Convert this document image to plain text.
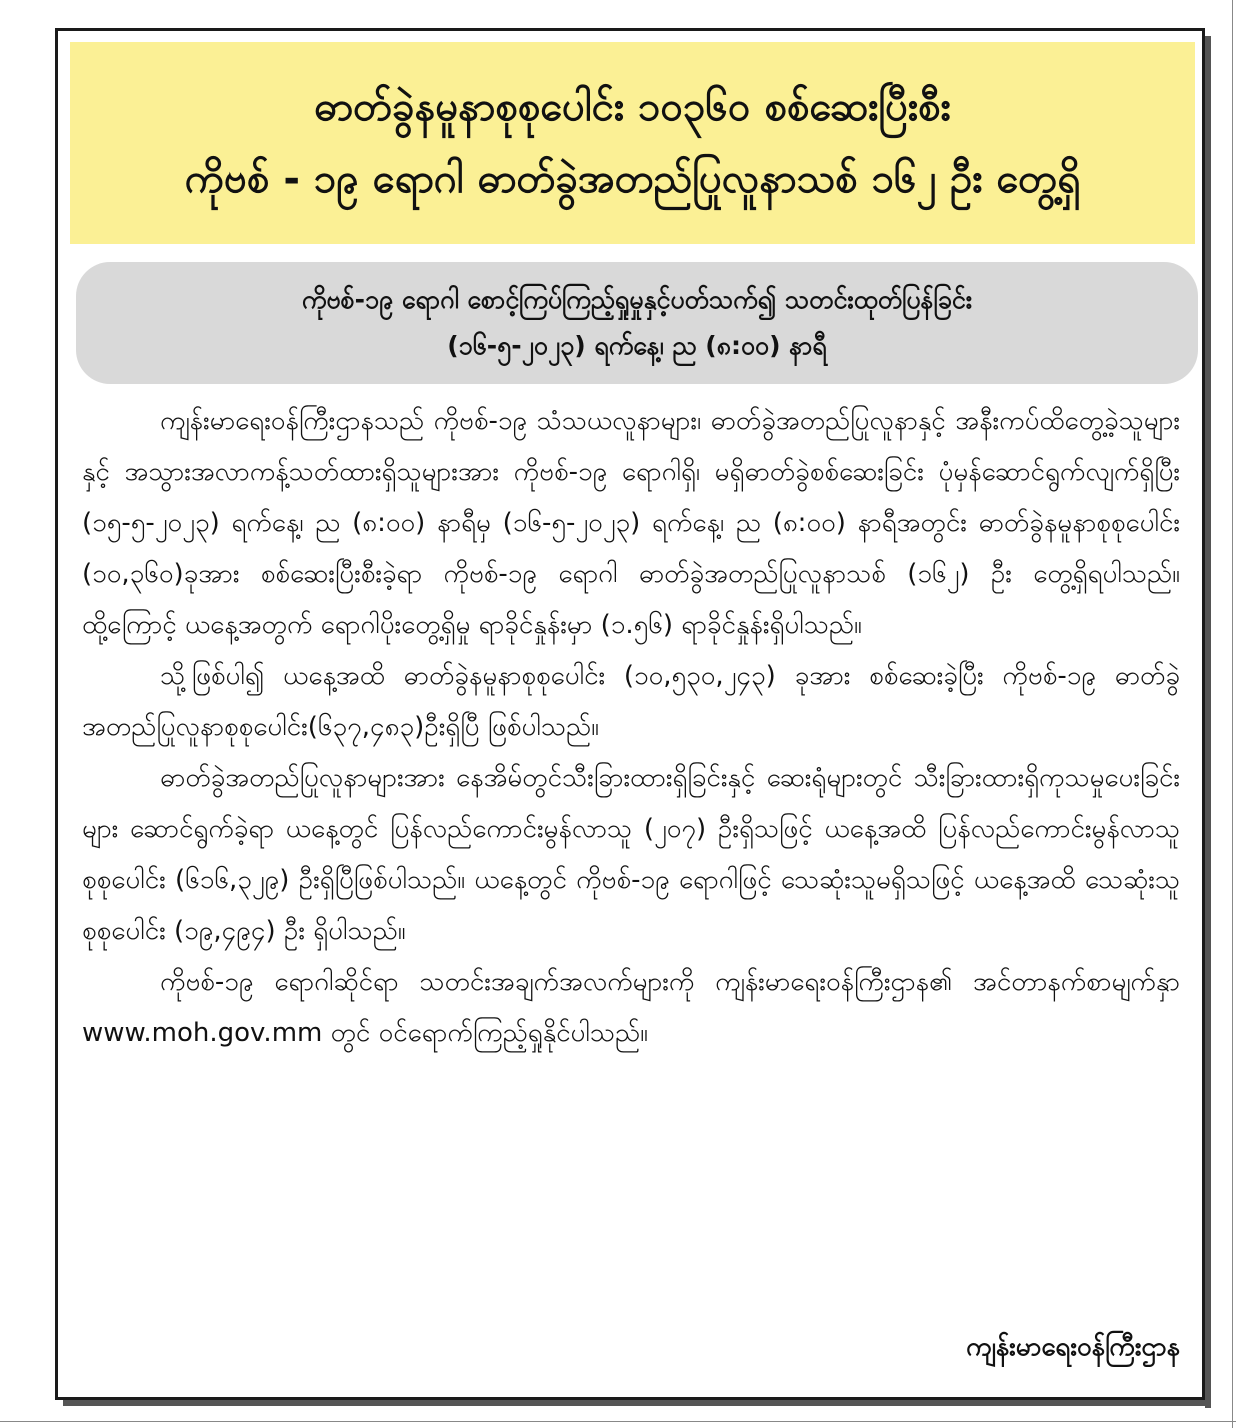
ဓာတ်ခွဲနမူနာစုစုပေါင်း ၁၀၃၆၀ စစ်ဆေးပြီးစီး
ကိုဗစ် - ၁၉ ရောဂါ ဓာတ်ခွဲအတည်ပြုလူနာသစ် ၁၆၂ ဦး တွေ့ရှိ
ကိုဗစ်-၁၉ ရောဂါ စောင့်ကြပ်ကြည့်ရှုမှုနှင့်ပတ်သက်၍ သတင်းထုတ်ပြန်ခြင်း
(၁၆-၅-၂၀၂၃) ရက်နေ့၊ ည (၈:၀၀) နာရီ

ကျန်းမာရေးဝန်ကြီးဌာနသည် ကိုဗစ်-၁၉ သံသယလူနာများ၊ ဓာတ်ခွဲအတည်ပြုလူနာနှင့် အနီးကပ်ထိတွေ့ခဲ့သူများနှင့် အသွားအလာကန့်သတ်ထားရှိသူများအား ကိုဗစ်-၁၉ ရောဂါရှိ၊ မရှိဓာတ်ခွဲစစ်ဆေးခြင်း ပုံမှန်ဆောင်ရွက်လျက်ရှိပြီး (၁၅-၅-၂၀၂၃) ရက်နေ့၊ ည (၈:၀၀) နာရီမှ (၁၆-၅-၂၀၂၃) ရက်နေ့၊ ည (၈:၀၀) နာရီအတွင်း ဓာတ်ခွဲနမူနာစုစုပေါင်း (၁၀,၃၆၀)ခုအား စစ်ဆေးပြီးစီးခဲ့ရာ ကိုဗစ်-၁၉ ရောဂါ ဓာတ်ခွဲအတည်ပြုလူနာသစ် (၁၆၂) ဦး တွေ့ရှိရပါသည်။ ထို့ကြောင့် ယနေ့အတွက် ရောဂါပိုးတွေ့ရှိမှု ရာခိုင်နှုန်းမှာ (၁.၅၆) ရာခိုင်နှုန်းရှိပါသည်။

သို့ဖြစ်ပါ၍ ယနေ့အထိ ဓာတ်ခွဲနမူနာစုစုပေါင်း (၁၀,၅၃၀,၂၄၃) ခုအား စစ်ဆေးခဲ့ပြီး ကိုဗစ်-၁၉ ဓာတ်ခွဲအတည်ပြုလူနာစုစုပေါင်း(၆၃၇,၄၈၃)ဦးရှိပြီ ဖြစ်ပါသည်။

ဓာတ်ခွဲအတည်ပြုလူနာများအား နေအိမ်တွင်သီးခြားထားရှိခြင်းနှင့် ဆေးရုံများတွင် သီးခြားထားရှိကုသမှုပေးခြင်းများ ဆောင်ရွက်ခဲ့ရာ ယနေ့တွင် ပြန်လည်ကောင်းမွန်လာသူ (၂၀၇) ဦးရှိသဖြင့် ယနေ့အထိ ပြန်လည်ကောင်းမွန်လာသူ စုစုပေါင်း (၆၁၆,၃၂၉) ဦးရှိပြီဖြစ်ပါသည်။ ယနေ့တွင် ကိုဗစ်-၁၉ ရောဂါဖြင့် သေဆုံးသူမရှိသဖြင့် ယနေ့အထိ သေဆုံးသူစုစုပေါင်း (၁၉,၄၉၄) ဦး ရှိပါသည်။

ကိုဗစ်-၁၉ ရောဂါဆိုင်ရာ သတင်းအချက်အလက်များကို ကျန်းမာရေးဝန်ကြီးဌာန၏ အင်တာနက်စာမျက်နှာ www.moh.gov.mm တွင် ဝင်ရောက်ကြည့်ရှုနိုင်ပါသည်။

ကျန်းမာရေးဝန်ကြီးဌာန
